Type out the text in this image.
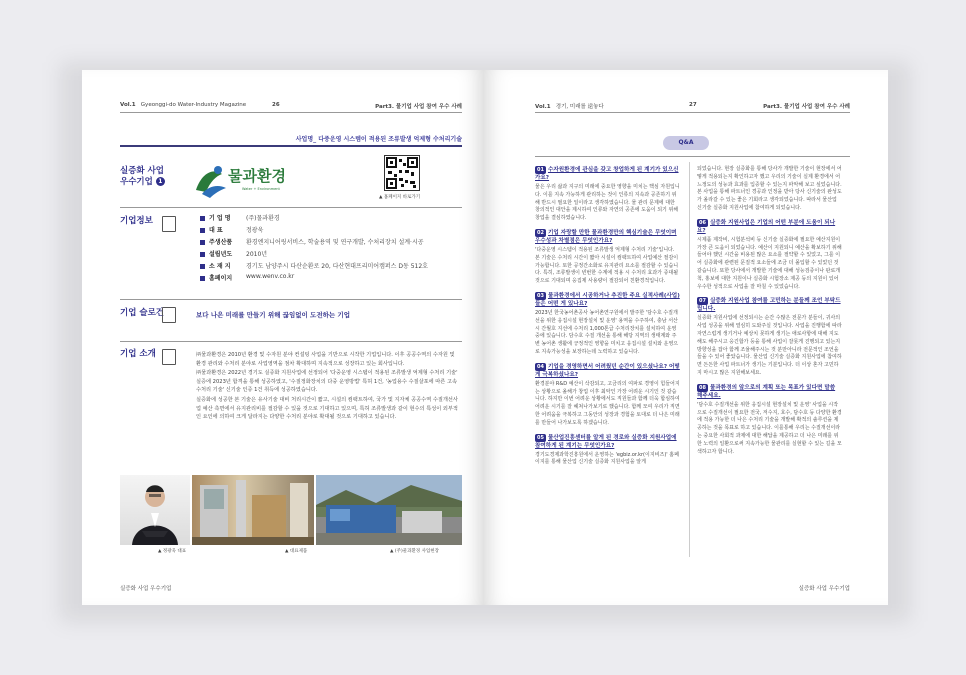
Vol.1 Gyeonggi-do Water-Industry Magazine	26	Part3. 물기업 사업 참여 우수 사례
사업명_ 다중운영 시스템이 적용된 조류발생 억제형 수처리기술
실증화 사업
우수기업 1	물과환경
Water + Environment
▲ 홈페이지 바로가기
기업정보	기 업 명	(주)물과환경
대 표	정광욱
주생산품	환경엔지니어링서비스, 학술용역 및 연구개발, 수처리장치 설계·시공
설립년도	2010년
소 재 지	경기도 남양주시 다산순환로 20, 다산현대프리미어캠퍼스 D동 512호
홈페이지	www.wenv.co.kr
기업 슬로건	보다 나은 미래를 만들기 위해 끊임없이 도전하는 기업
기업 소개	㈜물과환경은 2010년 환경 및 수자원 분야 컨설팅 사업을 기반으로 시작한 기업입니다. 이후 공공수역의 수자원 및 환경 관리와 수처리 분야로 사업영역을 점차 확대하며 지속적으로 성장하고 있는 회사입니다.

㈜물과환경은 2022년 경기도 실증화 지원사업에 선정되어 '다중운영 시스템이 적용된 조류발생 억제형 수처리 기술' 실증에 2023년 합격을 통해 성공하였고, '수질정화장치의 다중 운영방법' 특허 1건, '농업용수 수질살포에 따른 고속 수처리 기술' 신기술 인증 1건 취득에 성공하였습니다.

실증화에 성공한 본 기술은 유사기술 대비 처리시간이 짧고, 시설의 컴팩트하여, 국가 및 지자체 공공수역 수질개선사업 예산 측면에서 유지관리비를 절감할 수 있을 것으로 기대하고 있으며, 특허 조류발생과 같이 현수의 특성이 외부적인 요인에 의하여 크게 달라지는 다양한 수처리 분야로 확대될 것으로 기대하고 있습니다.

▲ 정광욱 대표	▲ 대표제품	▲ (주)물과환경 사업현장
실증화 사업 우수기업
Vol.1 경기, 미래를 遠놓다	27	Part3. 물기업 사업 참여 우수 사례
Q&A

01 수자원환경에 관심을 갖고 창업하게 된 계기가 있으신가요?

물은 우리 삶과 지구의 미래에 중요한 영향을 미치는 핵심 자원입니다. 이를 지속 가능하게 관리하는 것이 인류의 지속과 공존하기 위해 반드시 필요한 일이라고 생각하였습니다. 물 관리 문제에 대한 창의적인 대안을 제시하여 인류와 자연의 공존에 도움이 되기 위해 창업을 결심하였습니다.

02 기업 자랑할 만한 물과환경만의 핵심기술은 무엇이며 우수성과 차별점은 무엇인가요?

'다중운영 시스템이 적용된 조류발생 억제형 수처리 기술'입니다. 본 기술은 수처리 시간이 짧아 시설이 컴팩트하여 사업예산 절감이 가능합니다. 또한 공정간소화로 유지관리 요소를 절감할 수 있습니다. 특히, 조류발생이 빈번한 수계에 적용 시 수처리 효과가 증대될 것으로 기대되며 응집제 사용량이 절감되어 친환경적입니다.

03 물과환경에서 시공하거나 추진한 주요 실적사례(사업)들은 어떤 게 있나요?

2023년 한국농어촌공사 농어촌연구원에서 발주한 '담수호 수질개선을 위한 응집시설 현장설치 및 운영' 용역을 수주하여, 충남 서산시 간월호 지선에 수처리 1,000톤급 수처리장치를 설치하여 운영중에 있습니다. 담수호 수질 개선을 통해 해당 지역의 생태계와 주변 농어촌 생활에 긍정적인 영향을 미치고 응집시설 설치와 운영으로 지속가능성을 보장하는데 노력하고 있습니다.

04 기업을 경영하면서 어려웠던 순간이 있으셨나요? 어떻게 극복하셨나요?

환경분야 R&D 예산이 삭감되고, 고금리의 여파로 경영이 힘들어지는 상황으로 올해가 창업 이후 최악인 가장 어려운 시기인 것 같습니다. 하지만 이번 어려운 상황에서도 직원들과 함께 더욱 합심하여 어려운 시기를 잘 헤쳐나가보기로 했습니다. 함께 모여 우리가 직면한 어려움을 극복하고 그동안의 성장과 경험을 토대로 더 나은 미래를 만들어 나가보도록 하겠습니다.

05 물산업진흥센터를 알게 된 경로와 실증화 지원사업에 참여하게 된 계기는 무엇인가요?

경기도경제과학진흥원에서 운영하는 'egbiz.or.kr(이지비즈)' 홈페이지를 통해 물산업 신기술 실증화 지원사업을 알게

되었습니다. 현장 실증화를 통해 당사가 개발한 기술이 현장에서 어떻게 적용되는지 확인하고자 했고 우리의 기술이 실제 환경에서 어느정도의 성능과 효과를 입증할 수 있는지 파악해 보고 싶었습니다. 본 사업을 통해 파트너인 경공과 인정을 받아 당사 신기술의 완성도가 올라갈 수 있는 좋은 기회라고 생각되었습니다. 따라서 물산업 신기술 실증화 지원사업에 참여하게 되었습니다.

06 실증화 지원사업은 기업의 어떤 부분에 도움이 되나요?

시제품 제작비, 시험분석비 등 신기술 실증화에 필요한 예산지원이 가장 큰 도움이 되었습니다. 예산이 지원되니 예산을 확보하기 위해 들어야 했던 시간을 비용된 많은 요소를 절약할 수 있었고, 그를 이어 실증화에 관련된 문질적 요소들에 조금 더 몰입할 수 있었던 것 같습니다. 또한 당사에서 개발한 기술에 대해 성능검증이나 판로개척, 홍보에 대한 지원이나 실증화 시험장소 제공 등의 지원이 있어 우수한 성적으로 사업을 잘 마칠 수 있었습니다.

07 실증화 지원사업 참여를 고민하는 분들께 조언 부탁드립니다.

실증화 지원사업에 선정되시는 순간 수많은 전문가 분들이, 귀사의 사업 성공을 위해 열심히 도와주실 것입니다. 사업을 진행함에 따라 자연스럽게 생기거나 예상치 못하게 생기는 애로사항에 대해 지도해도 해주시고 응긴합가 등을 통해 사업이 잘못게 진행되고 있는지 방향성을 잡아 함께 조율해주시는 것 분만아니라 전문적인 조언을 들을 수 있어 좋았습니다. 물산업 신기술 실증화 지원사업에 참여하면 든든한 사업 파트너가 생기는 기분입니다. 더 이상 혼자 고민하지 마시고 많은 지원해보세요.

08 물과환경의 앞으로의 계획 또는 목표가 있다면 말씀 해주세요.

'담수호 수질개선을 위한 응집시설 현장설치 및 운영' 사업을 시작으로 수질개선이 필요한 전국, 저수지, 호수, 담수호 등 다양한 환경에 적용 가능한 더 나은 수처리 기술을 개발해 확적의 솔루션을 제공하는 것을 목표로 하고 있습니다. 이를통해 우리는 수질개선이라는 중요한 사회적 과제에 대한 해답을 제공하고 더 나은 미래를 위한 노력의 일환으로써 지속가능한 물관리를 실현할 수 있는 길을 모색하고자 합니다.

실증화 사업 우수기업
